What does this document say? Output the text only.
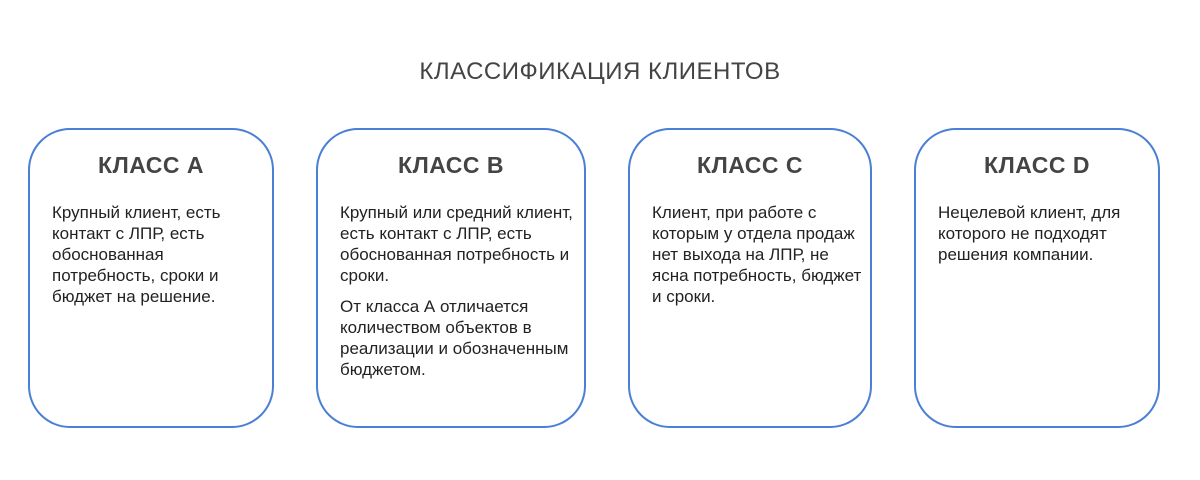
КЛАССИФИКАЦИЯ КЛИЕНТОВ
КЛАСС А

Крупный клиент, есть контакт с ЛПР, есть обоснованная потребность, сроки и бюджет на решение.

КЛАСС В

Крупный или средний клиент, есть контакт с ЛПР, есть обоснованная потребность и сроки.

От класса А отличается количеством объектов в реализации и обозначенным бюджетом.

КЛАСС С

Клиент, при работе с которым у отдела продаж нет выхода на ЛПР, не ясна потребность, бюджет и сроки.

КЛАСС D

Нецелевой клиент, для которого не подходят решения компании.
